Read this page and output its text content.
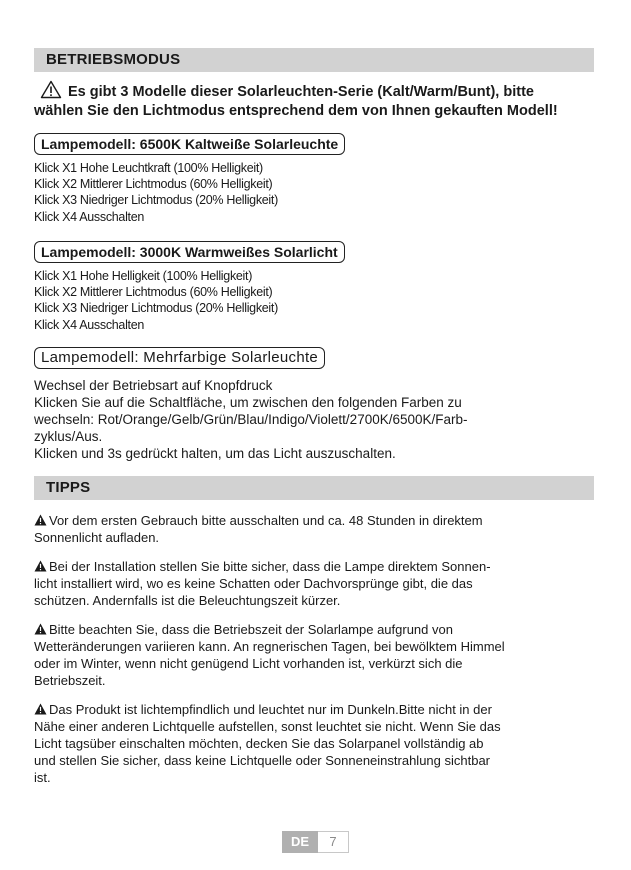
BETRIEBSMODUS
Es gibt 3 Modelle dieser Solarleuchten-Serie (Kalt/Warm/Bunt), bitte
wählen Sie den Lichtmodus entsprechend dem von Ihnen gekauften Modell!
Lampemodell: 6500K Kaltweiße Solarleuchte
Klick X1 Hohe Leuchtkraft (100% Helligkeit)
Klick X2 Mittlerer Lichtmodus (60% Helligkeit)
Klick X3 Niedriger Lichtmodus (20% Helligkeit)
Klick X4 Ausschalten
Lampemodell: 3000K Warmweißes Solarlicht
Klick X1 Hohe Helligkeit (100% Helligkeit)
Klick X2 Mittlerer Lichtmodus (60% Helligkeit)
Klick X3 Niedriger Lichtmodus (20% Helligkeit)
Klick X4 Ausschalten
Lampemodell: Mehrfarbige Solarleuchte
Wechsel der Betriebsart auf Knopfdruck
Klicken Sie auf die Schaltfläche, um zwischen den folgenden Farben zu
wechseln: Rot/Orange/Gelb/Grün/Blau/Indigo/Violett/2700K/6500K/Farb-
zyklus/Aus.
Klicken und 3s gedrückt halten, um das Licht auszuschalten.
TIPPS
Vor dem ersten Gebrauch bitte ausschalten und ca. 48 Stunden in direktem
Sonnenlicht aufladen.
Bei der Installation stellen Sie bitte sicher, dass die Lampe direktem Sonnen-
licht installiert wird, wo es keine Schatten oder Dachvorsprünge gibt, die das
schützen. Andernfalls ist die Beleuchtungszeit kürzer.
Bitte beachten Sie, dass die Betriebszeit der Solarlampe aufgrund von
Wetteränderungen variieren kann. An regnerischen Tagen, bei bewölktem Himmel
oder im Winter, wenn nicht genügend Licht vorhanden ist, verkürzt sich die
Betriebszeit.
Das Produkt ist lichtempfindlich und leuchtet nur im Dunkeln.Bitte nicht in der
Nähe einer anderen Lichtquelle aufstellen, sonst leuchtet sie nicht. Wenn Sie das
Licht tagsüber einschalten möchten, decken Sie das Solarpanel vollständig ab
und stellen Sie sicher, dass keine Lichtquelle oder Sonneneinstrahlung sichtbar
ist.
DE	7
